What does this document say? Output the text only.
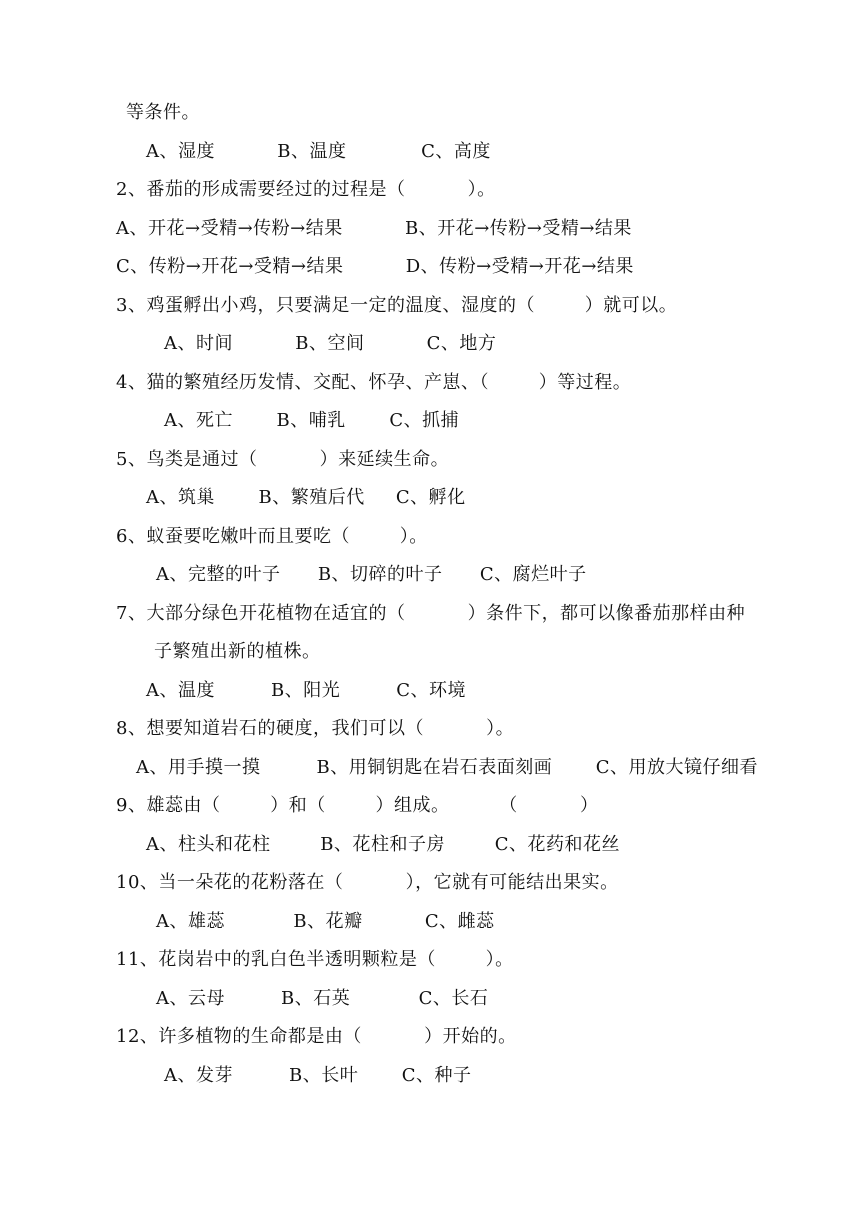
等条件。
A、湿度          B、温度            C、高度
2、番茄的形成需要经过的过程是（          ）。
A、开花→受精→传粉→结果          B、开花→传粉→受精→结果
C、传粉→开花→受精→结果          D、传粉→受精→开花→结果
3、鸡蛋孵出小鸡，只要满足一定的温度、湿度的（        ）就可以。
A、时间          B、空间          C、地方
4、猫的繁殖经历发情、交配、怀孕、产崽、（        ）等过程。
A、死亡       B、哺乳       C、抓捕
5、鸟类是通过（          ）来延续生命。
A、筑巢       B、繁殖后代     C、孵化
6、蚁蚕要吃嫩叶而且要吃（        ）。
A、完整的叶子      B、切碎的叶子      C、腐烂叶子
7、大部分绿色开花植物在适宜的（          ）条件下，都可以像番茄那样由种
子繁殖出新的植株。
A、温度         B、阳光         C、环境
8、想要知道岩石的硬度，我们可以（          ）。
A、用手摸一摸         B、用铜钥匙在岩石表面刻画       C、用放大镜仔细看
9、雄蕊由（        ）和（        ）组成。        （          ）
A、柱头和花柱        B、花柱和子房        C、花药和花丝
10、当一朵花的花粉落在（          ），它就有可能结出果实。
A、雄蕊           B、花瓣          C、雌蕊
11、花岗岩中的乳白色半透明颗粒是（        ）。
A、云母         B、石英           C、长石
12、许多植物的生命都是由（          ）开始的。
A、发芽         B、长叶       C、种子
